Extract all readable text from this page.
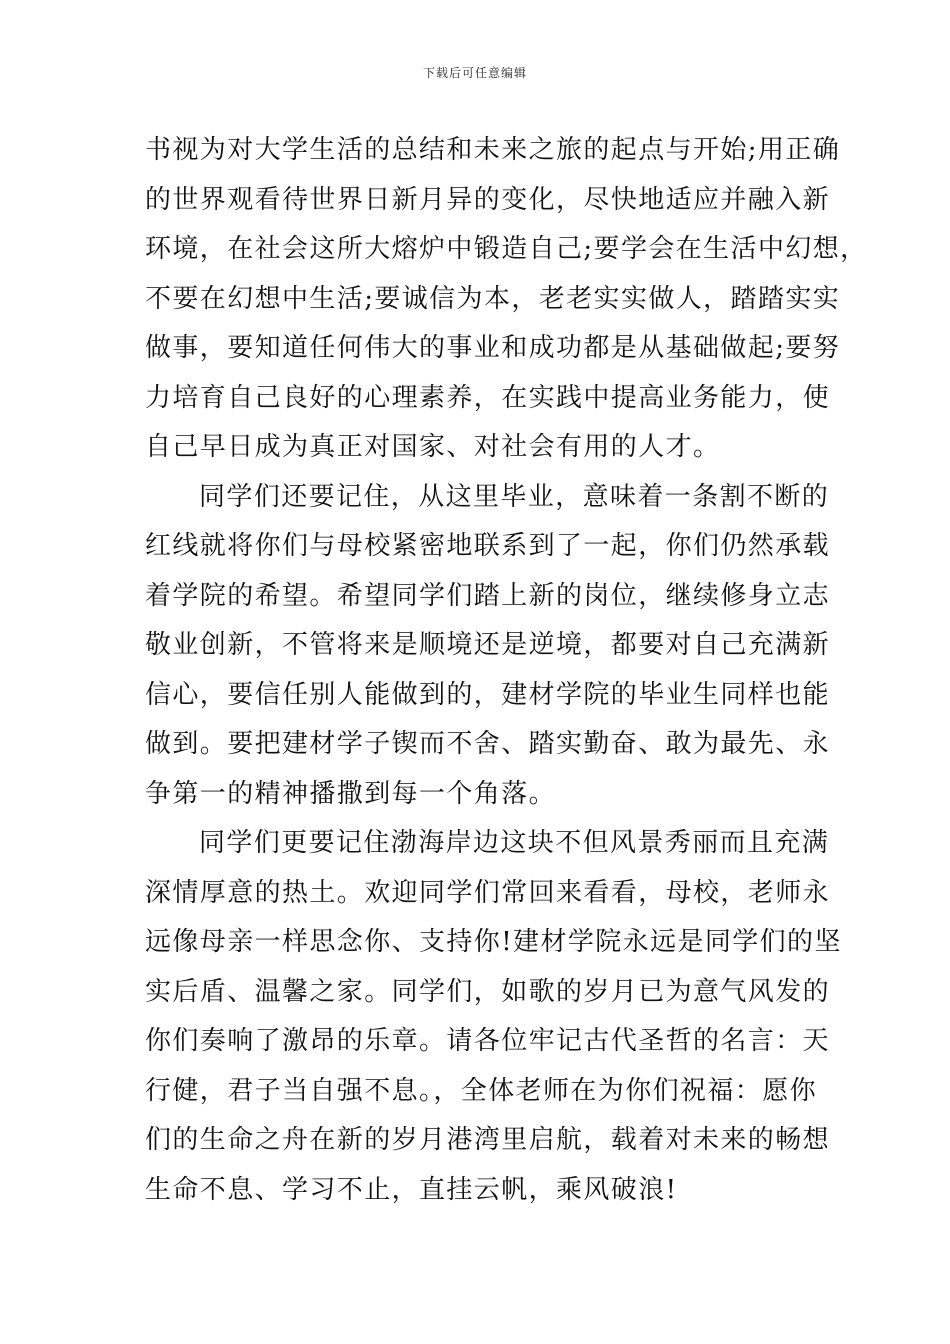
下载后可任意编辑
书视为对大学生活的总结和未来之旅的起点与开始;用正确
的世界观看待世界日新月异的变化，尽快地适应并融入新
环境，在社会这所大熔炉中锻造自己;要学会在生活中幻想，
不要在幻想中生活;要诚信为本，老老实实做人，踏踏实实
做事，要知道任何伟大的事业和成功都是从基础做起;要努
力培育自己良好的心理素养，在实践中提高业务能力，使
自己早日成为真正对国家、对社会有用的人才。
同学们还要记住，从这里毕业，意味着一条割不断的
红线就将你们与母校紧密地联系到了一起，你们仍然承载
着学院的希望。希望同学们踏上新的岗位，继续修身立志
敬业创新，不管将来是顺境还是逆境，都要对自己充满新
信心，要信任别人能做到的，建材学院的毕业生同样也能
做到。要把建材学子锲而不舍、踏实勤奋、敢为最先、永
争第一的精神播撒到每一个角落。
同学们更要记住渤海岸边这块不但风景秀丽而且充满
深情厚意的热土。欢迎同学们常回来看看，母校，老师永
远像母亲一样思念你、支持你!建材学院永远是同学们的坚
实后盾、温馨之家。同学们，如歌的岁月已为意气风发的
你们奏响了激昂的乐章。请各位牢记古代圣哲的名言：天
行健，君子当自强不息。，全体老师在为你们祝福：愿你
们的生命之舟在新的岁月港湾里启航，载着对未来的畅想
生命不息、学习不止，直挂云帆，乘风破浪!
